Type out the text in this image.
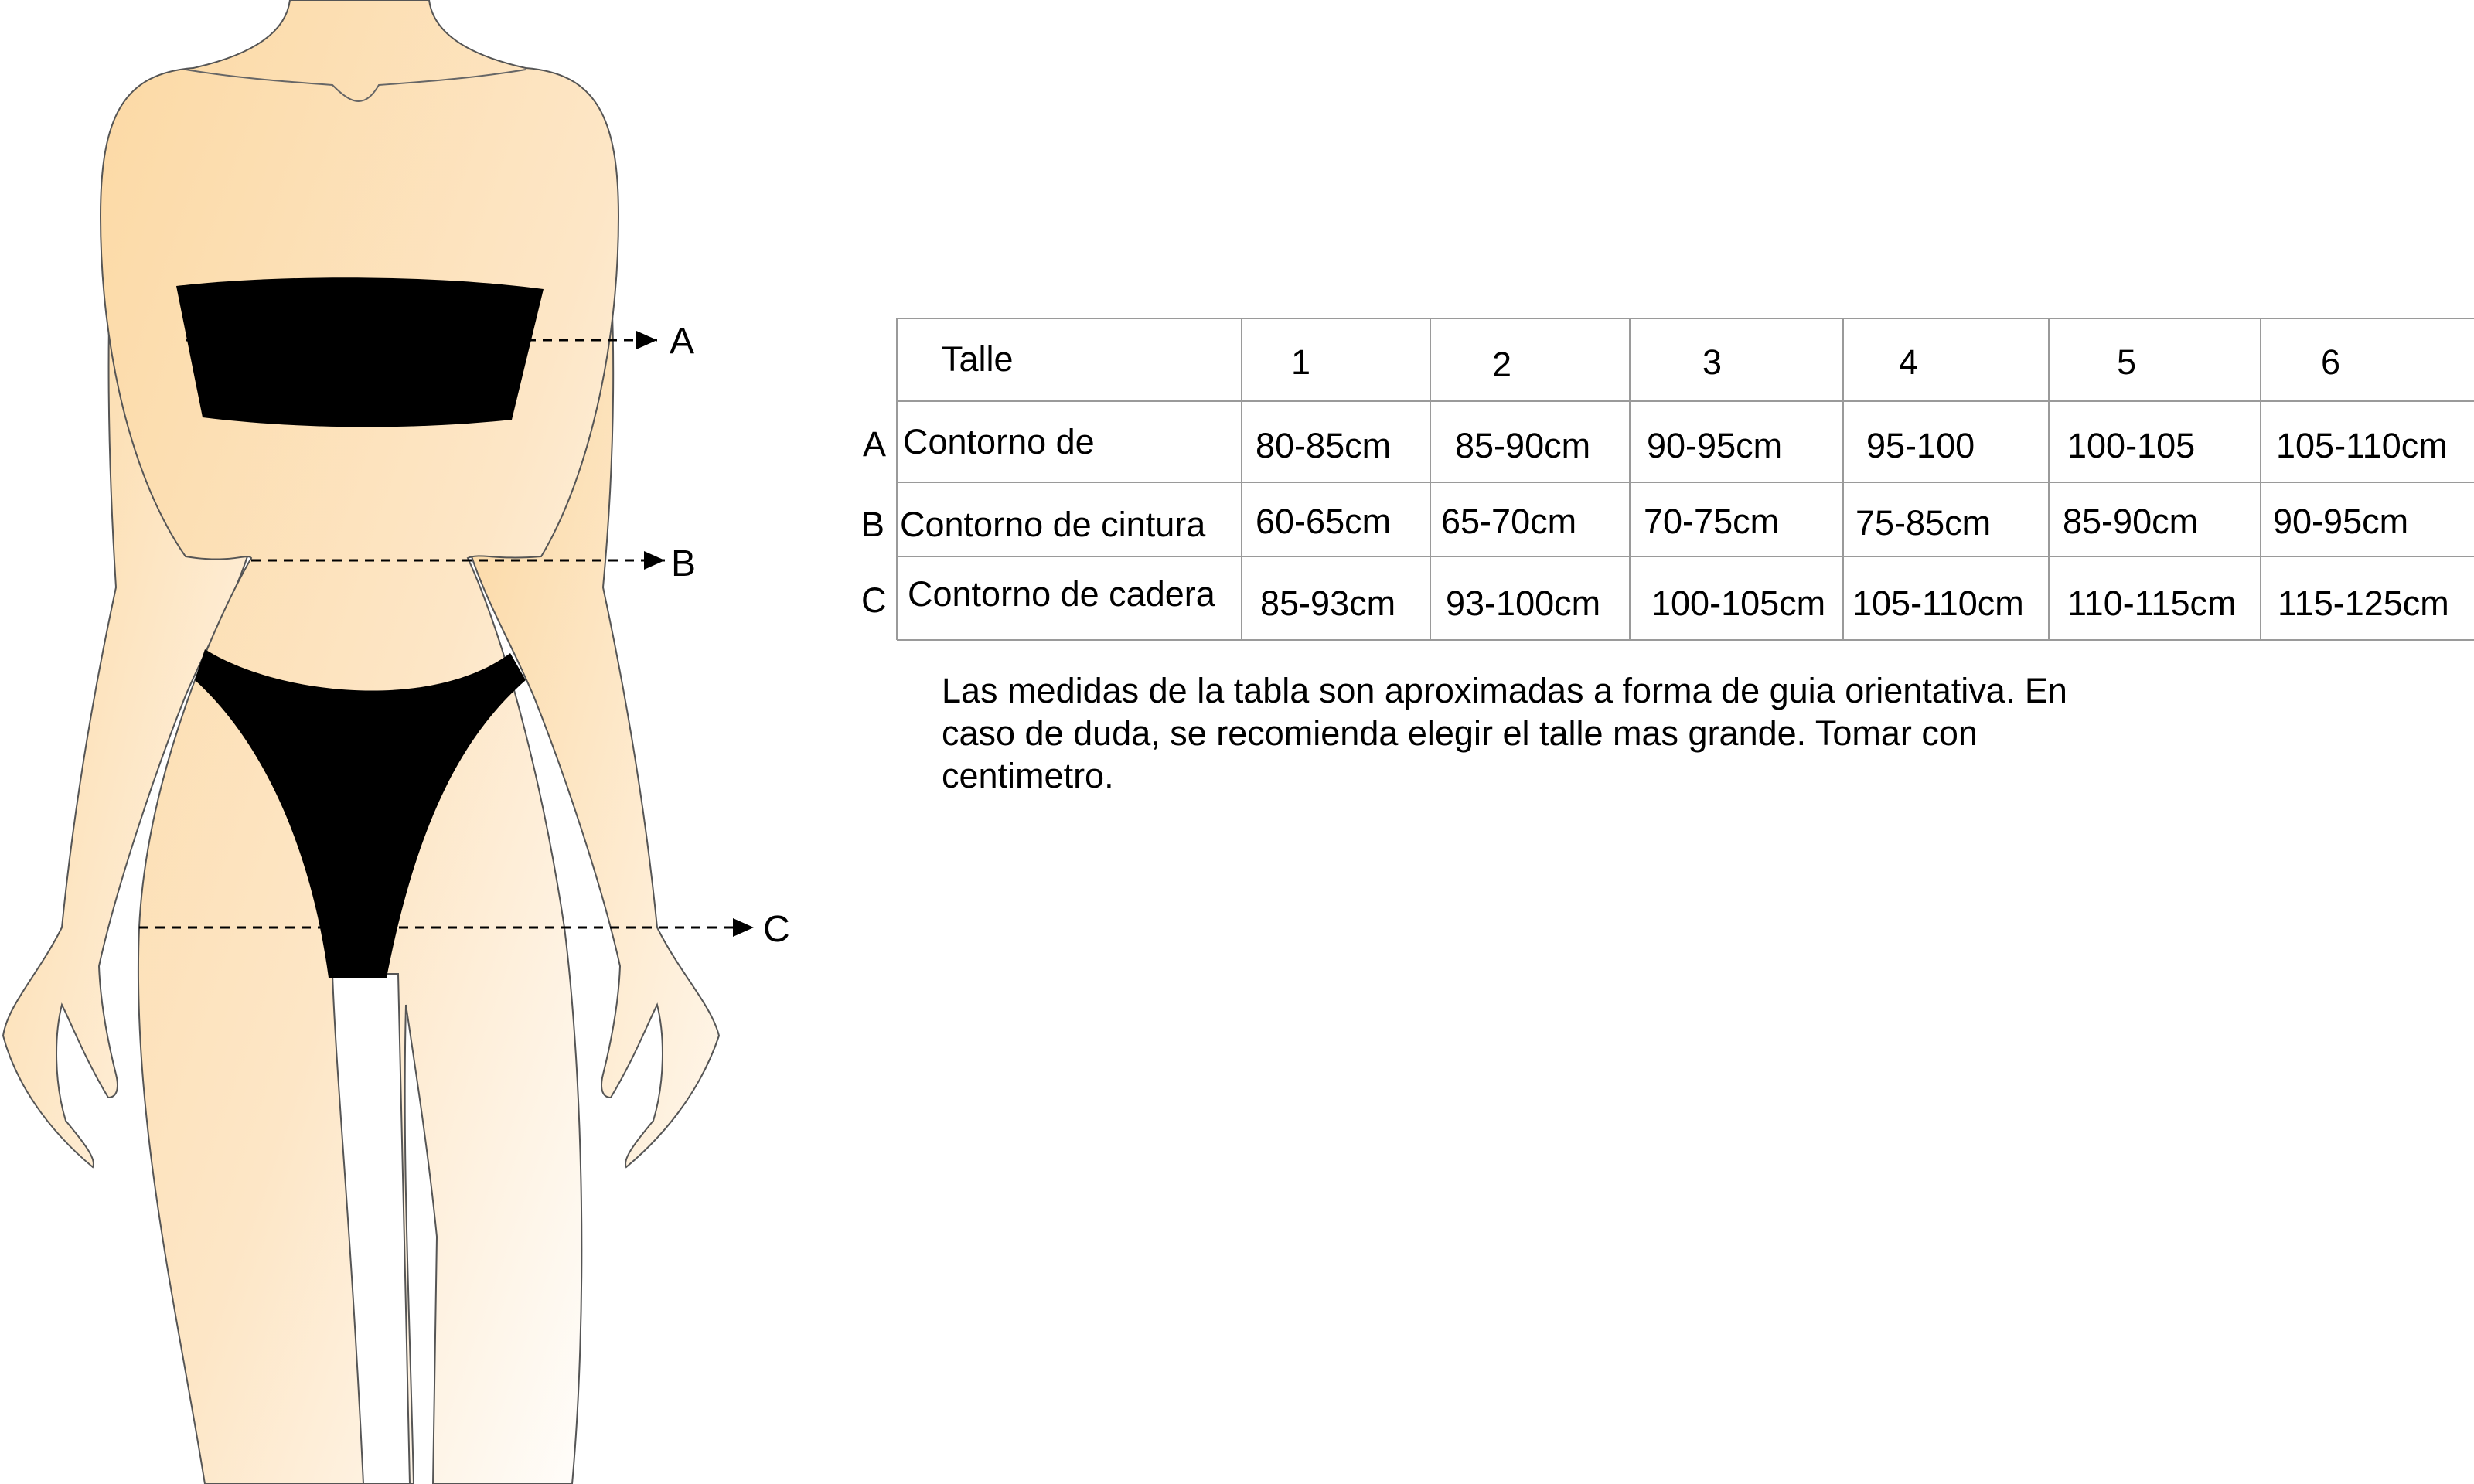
A
B
C
Talle	1	2	3	4	5	6
A Contorno de	80-85cm 85-90cm 90-95cm 95-100	100-105 105-110cm
B Contorno de cintura 60-65cm 65-70cm 70-75cm 75-85cm 85-90cm 90-95cm
C Contorno de cadera 85-93cm 93-100cm 100-105cm 105-110cm 110-115cm 115-125cm

Las medidas de la tabla son aproximadas a forma de guia orientativa. En caso de duda, se recomienda elegir el talle mas grande. Tomar con centimetro.
